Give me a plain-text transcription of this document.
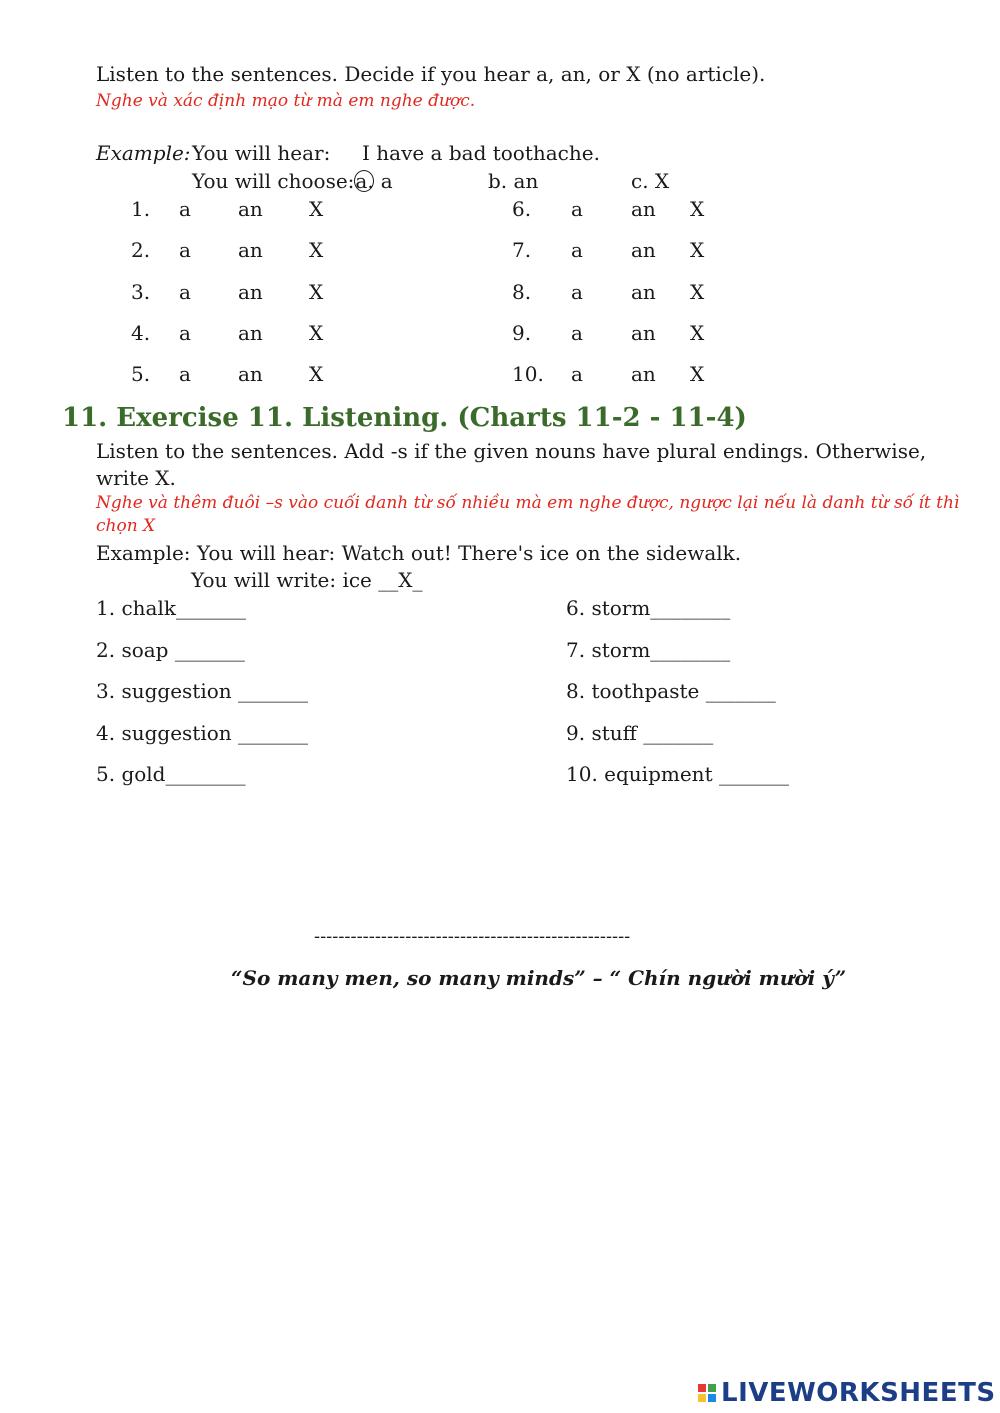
Listen to the sentences. Decide if you hear a, an, or X (no article).
Nghe và xác định mạo từ mà em nghe được.
Example: You will hear: I have a bad toothache.
You will choose:a. a	b. an	c. X
1. a an X
2. a an X
3. a an X
4. a an X
5. a an X
6. a an X
7. a an X
8. a an X
9. a an X
10. a an X
11. Exercise 11. Listening. (Charts 11-2 - 11-4)
Listen to the sentences. Add -s if the given nouns have plural endings. Otherwise,
write X.
Nghe và thêm đuôi –s vào cuối danh từ số nhiều mà em nghe được, ngược lại nếu là danh từ số ít thì
chọn X
Example: You will hear: Watch out! There's ice on the sidewalk.
You will write: ice __X_
1. chalk_______
2. soap _______
3. suggestion _______
4. suggestion _______
5. gold________
6. storm________
7. storm________
8. toothpaste _______
9. stuff _______
10. equipment _______
----------------------------------------------------
“So many men, so many minds” – “ Chín người mười ý”
LIVEWORKSHEETS
